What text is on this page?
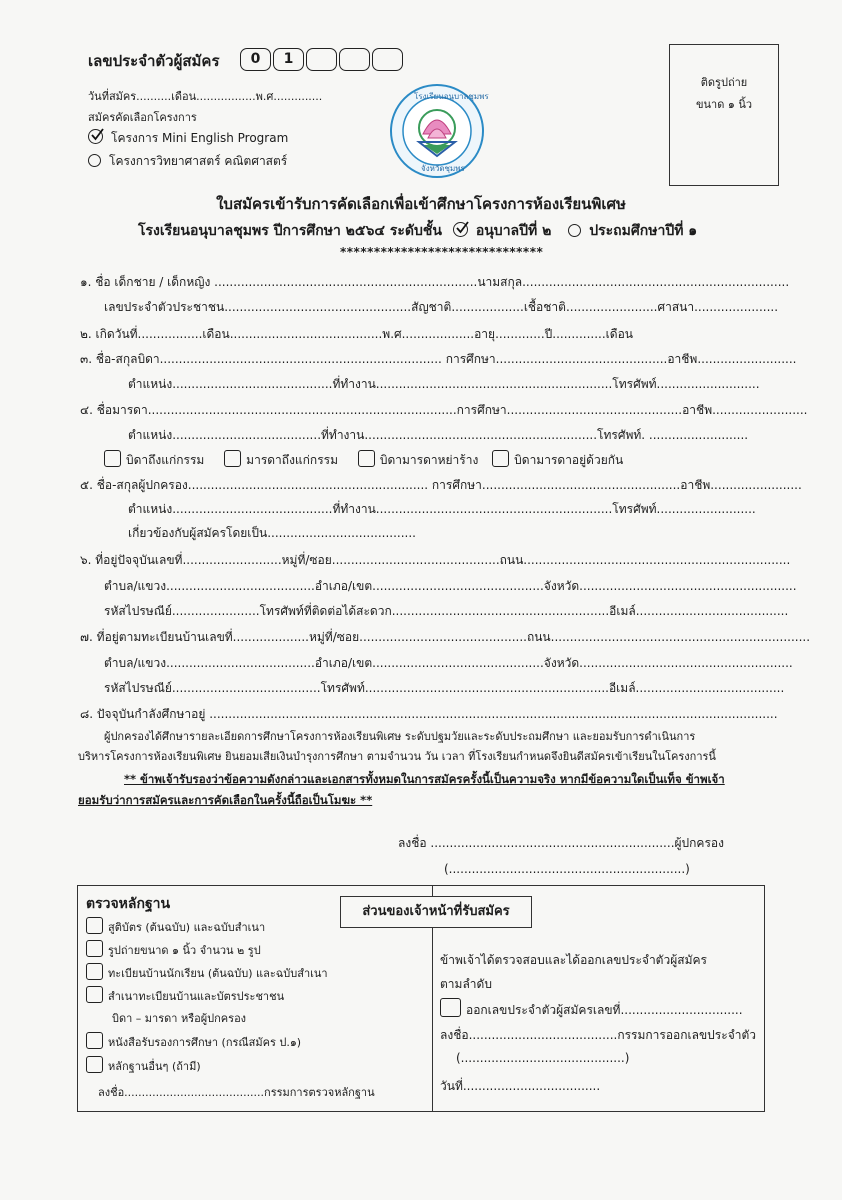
เลขประจำตัวผู้สมัคร	0	1
วันที่สมัคร..........เดือน.................พ.ศ..............
สมัครคัดเลือกโครงการ
โครงการ Mini English Program
โครงการวิทยาศาสตร์ คณิตศาสตร์
โรงเรียนอนุบาลชุมพร
จังหวัดชุมพร
ติดรูปถ่าย
ขนาด ๑ นิ้ว
ใบสมัครเข้ารับการคัดเลือกเพื่อเข้าศึกษาโครงการห้องเรียนพิเศษ
โรงเรียนอนุบาลชุมพร ปีการศึกษา ๒๕๖๔ ระดับชั้น อนุบาลปีที่ ๒	ประถมศึกษาปีที่ ๑
******************************
๑. ชื่อ เด็กชาย / เด็กหญิง .....................................................................นามสกุล......................................................................
เลขประจำตัวประชาชน.................................................สัญชาติ...................เชื้อชาติ........................ศาสนา......................
๒. เกิดวันที่.................เดือน........................................พ.ศ...................อายุ.............ปี..............เดือน
๓. ชื่อ-สกุลบิดา.......................................................................... การศึกษา.............................................อาชีพ..........................
ตำแหน่ง..........................................ที่ทำงาน..............................................................โทรศัพท์...........................
๔. ชื่อมารดา.................................................................................การศึกษา..............................................อาชีพ.........................
ตำแหน่ง.......................................ที่ทำงาน.............................................................โทรศัพท์. ..........................
บิดาถึงแก่กรรม	มารดาถึงแก่กรรม	บิดามารดาหย่าร้าง	บิดามารดาอยู่ด้วยกัน
๕. ชื่อ-สกุลผู้ปกครอง............................................................... การศึกษา....................................................อาชีพ........................
ตำแหน่ง..........................................ที่ทำงาน..............................................................โทรศัพท์..........................
เกี่ยวข้องกับผู้สมัครโดยเป็น.......................................
๖. ที่อยู่ปัจจุบันเลขที่..........................หมู่ที่/ซอย............................................ถนน......................................................................
ตำบล/แขวง.......................................อำเภอ/เขต.............................................จังหวัด.........................................................
รหัสไปรษณีย์.......................โทรศัพท์ที่ติดต่อได้สะดวก.........................................................อีเมล์........................................
๗. ที่อยู่ตามทะเบียนบ้านเลขที่....................หมู่ที่/ซอย............................................ถนน....................................................................
ตำบล/แขวง.......................................อำเภอ/เขต.............................................จังหวัด........................................................
รหัสไปรษณีย์.......................................โทรศัพท์................................................................อีเมล์.......................................
๘. ปัจจุบันกำลังศึกษาอยู่ .....................................................................................................................................................
ผู้ปกครองได้ศึกษารายละเอียดการศึกษาโครงการห้องเรียนพิเศษ ระดับปฐมวัยและระดับประถมศึกษา และยอมรับการดำเนินการ
บริหารโครงการห้องเรียนพิเศษ ยินยอมเสียเงินบำรุงการศึกษา ตามจำนวน วัน เวลา ที่โรงเรียนกำหนดจึงยินดีสมัครเข้าเรียนในโครงการนี้
** ข้าพเจ้ารับรองว่าข้อความดังกล่าวและเอกสารทั้งหมดในการสมัครครั้งนี้เป็นความจริง หากมีข้อความใดเป็นเท็จ ข้าพเจ้า
ยอมรับว่าการสมัครและการคัดเลือกในครั้งนี้ถือเป็นโมฆะ **
ลงชื่อ ................................................................ผู้ปกครอง
(..............................................................)
ส่วนของเจ้าหน้าที่รับสมัคร
ตรวจหลักฐาน
สูติบัตร (ต้นฉบับ) และฉบับสำเนา
รูปถ่ายขนาด ๑ นิ้ว จำนวน ๒ รูป
ทะเบียนบ้านนักเรียน (ต้นฉบับ) และฉบับสำเนา
สำเนาทะเบียนบ้านและบัตรประชาชน
บิดา – มารดา หรือผู้ปกครอง
หนังสือรับรองการศึกษา (กรณีสมัคร ป.๑)
หลักฐานอื่นๆ (ถ้ามี)
ลงชื่อ........................................กรรมการตรวจหลักฐาน
ข้าพเจ้าได้ตรวจสอบและได้ออกเลขประจำตัวผู้สมัคร
ตามลำดับ
ออกเลขประจำตัวผู้สมัครเลขที่................................
ลงชื่อ.......................................กรรมการออกเลขประจำตัว
(...........................................)
วันที่....................................
